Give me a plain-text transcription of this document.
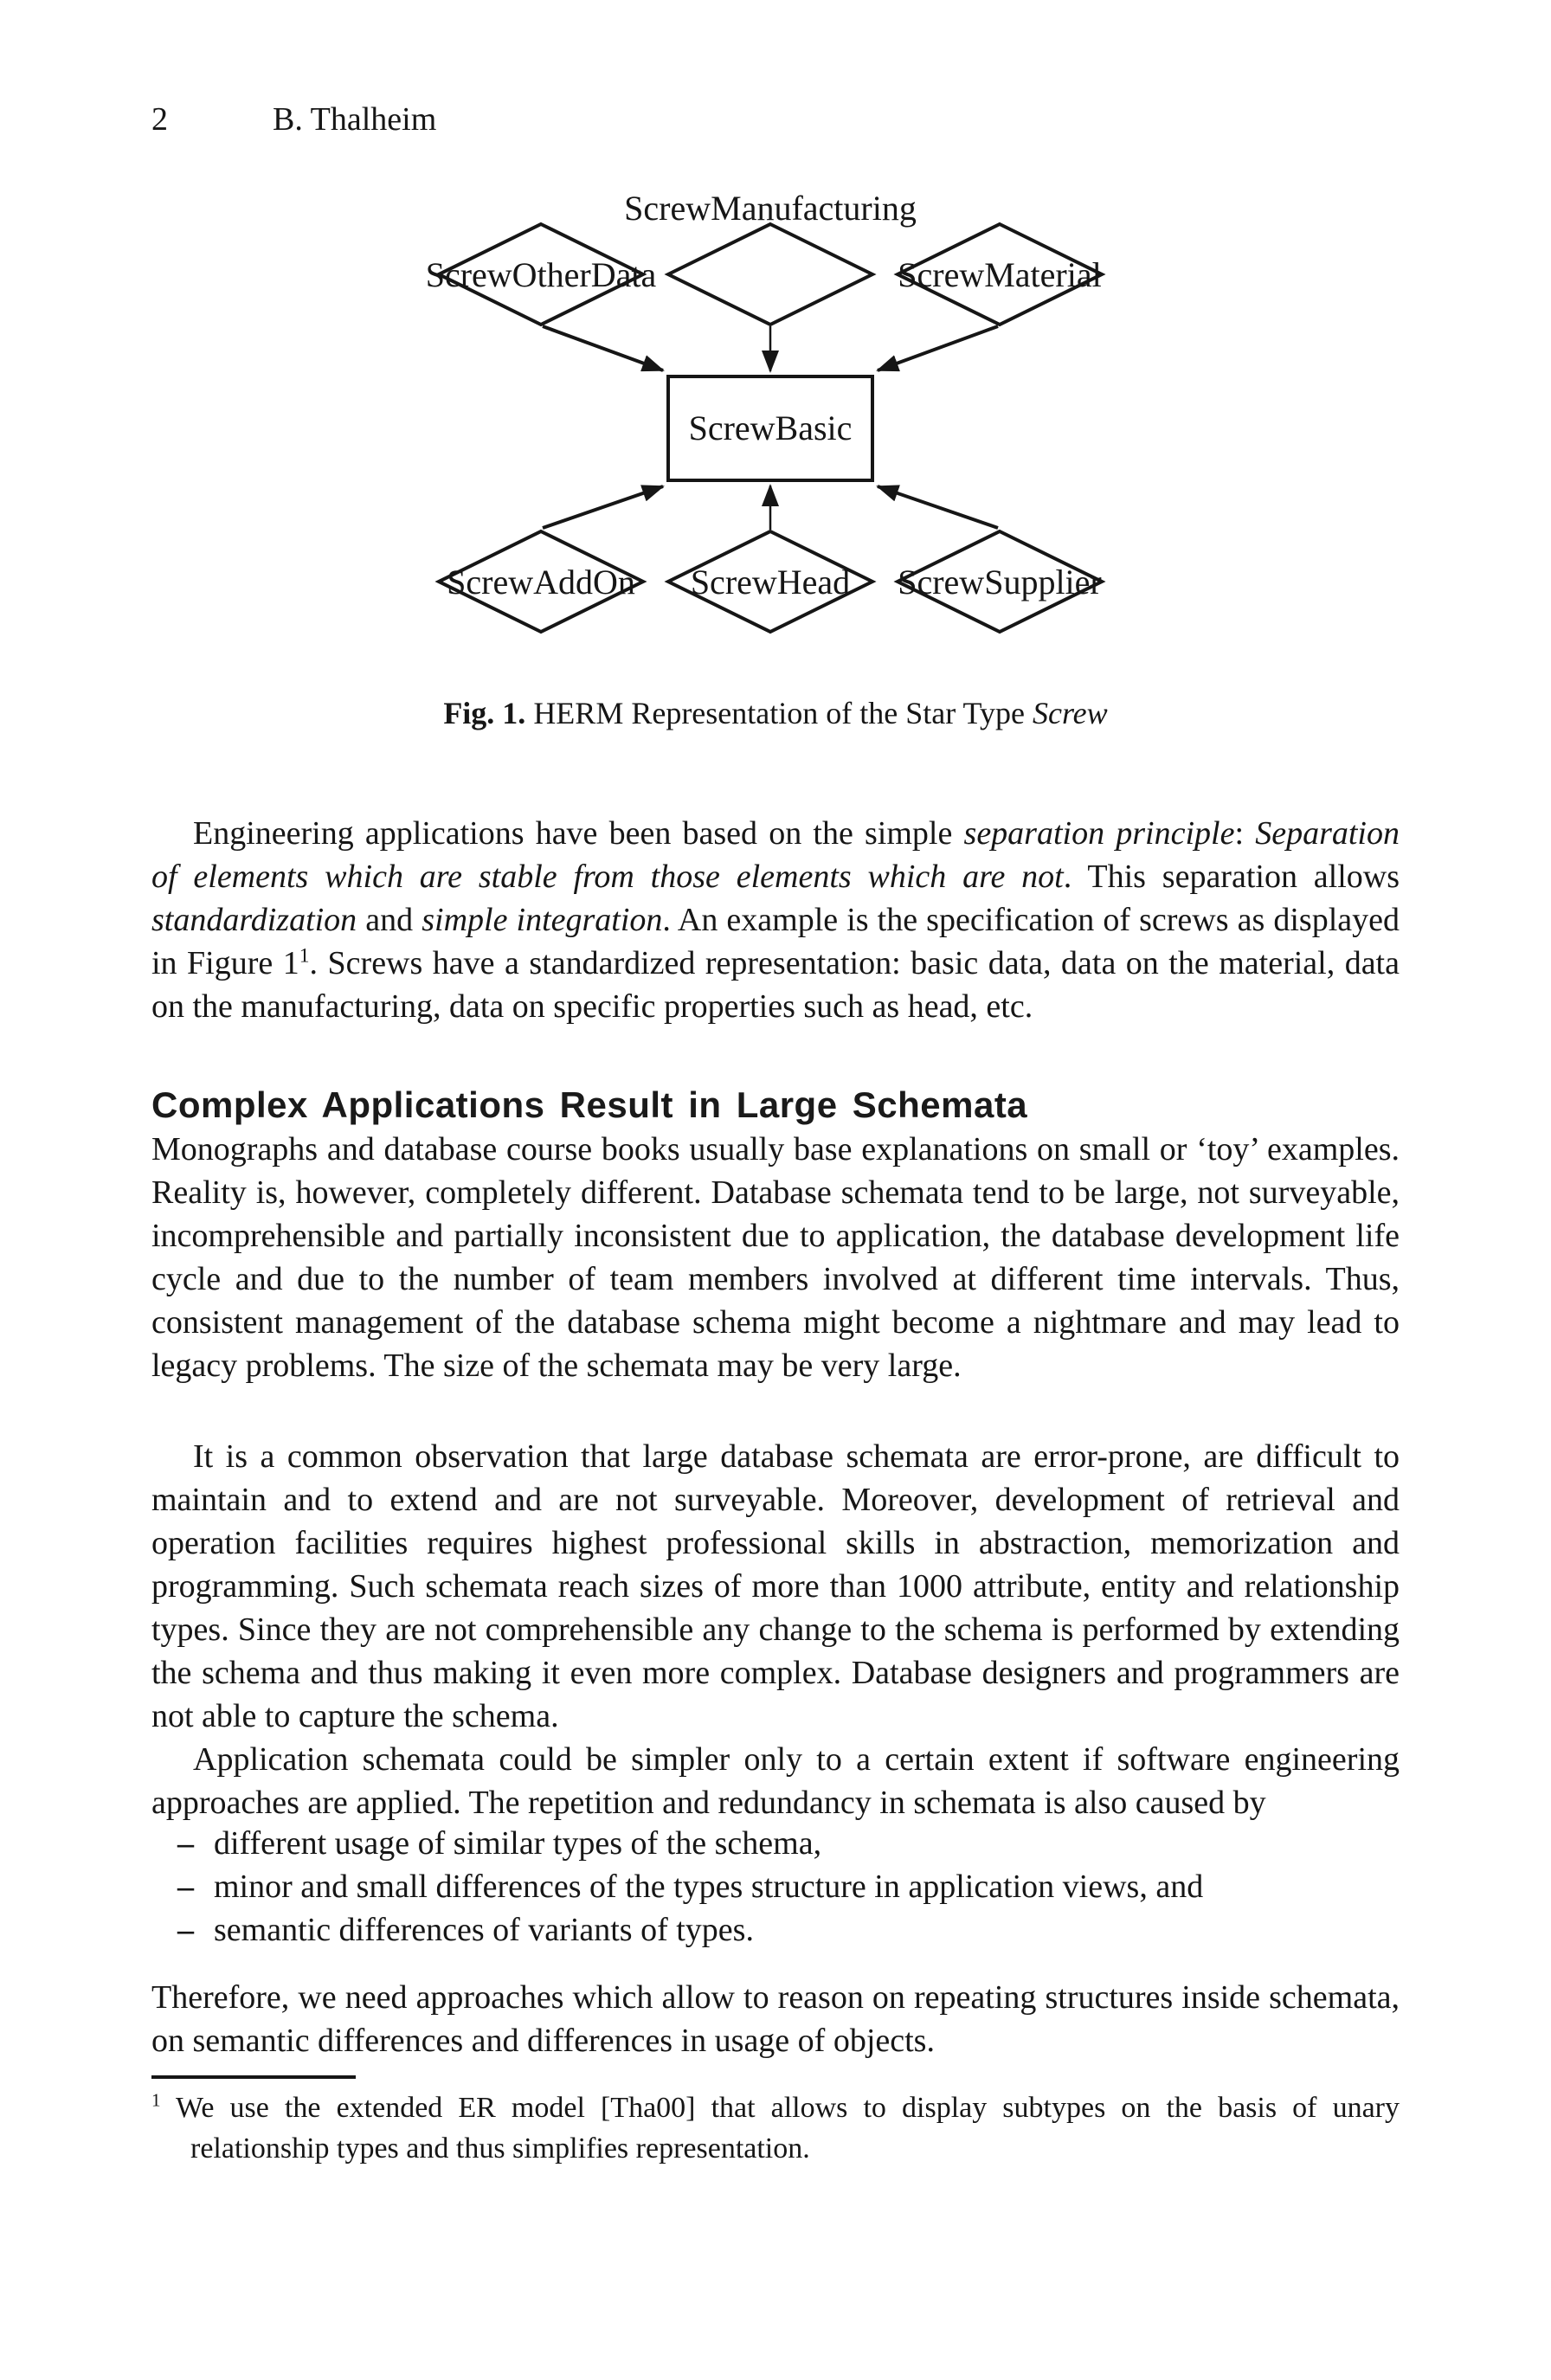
2	B. Thalheim
ScrewManufacturing
ScrewOtherData	ScrewMaterial
ScrewBasic
ScrewAddOn ScrewHead ScrewSupplier
Fig. 1. HERM Representation of the Star Type Screw

Engineering applications have been based on the simple separation principle: Separation of elements which are stable from those elements which are not. This separation allows standardization and simple integration. An example is the specification of screws as displayed in Figure $1^1$. Screws have a standardized representation: basic data, data on the material, data on the manufacturing, data on specific properties such as head, etc.

Complex Applications Result in Large Schemata

Monographs and database course books usually base explanations on small or ‘toy’ examples. Reality is, however, completely different. Database schemata tend to be large, not surveyable, incomprehensible and partially inconsistent due to application, the database development life cycle and due to the number of team members involved at different time intervals. Thus, consistent management of the database schema might become a nightmare and may lead to legacy problems. The size of the schemata may be very large.

It is a common observation that large database schemata are error-prone, are difficult to maintain and to extend and are not surveyable. Moreover, development of retrieval and operation facilities requires highest professional skills in abstraction, memorization and programming. Such schemata reach sizes of more than 1000 attribute, entity and relationship types. Since they are not comprehensible any change to the schema is performed by extending the schema and thus making it even more complex. Database designers and programmers are not able to capture the schema.

Application schemata could be simpler only to a certain extent if software engineering approaches are applied. The repetition and redundancy in schemata is also caused by

– different usage of similar types of the schema,
– minor and small differences of the types structure in application views, and
– semantic differences of variants of types.

Therefore, we need approaches which allow to reason on repeating structures inside schemata, on semantic differences and differences in usage of objects.

$^1$ We use the extended ER model [Tha00] that allows to display subtypes on the basis of unary relationship types and thus simplifies representation.
